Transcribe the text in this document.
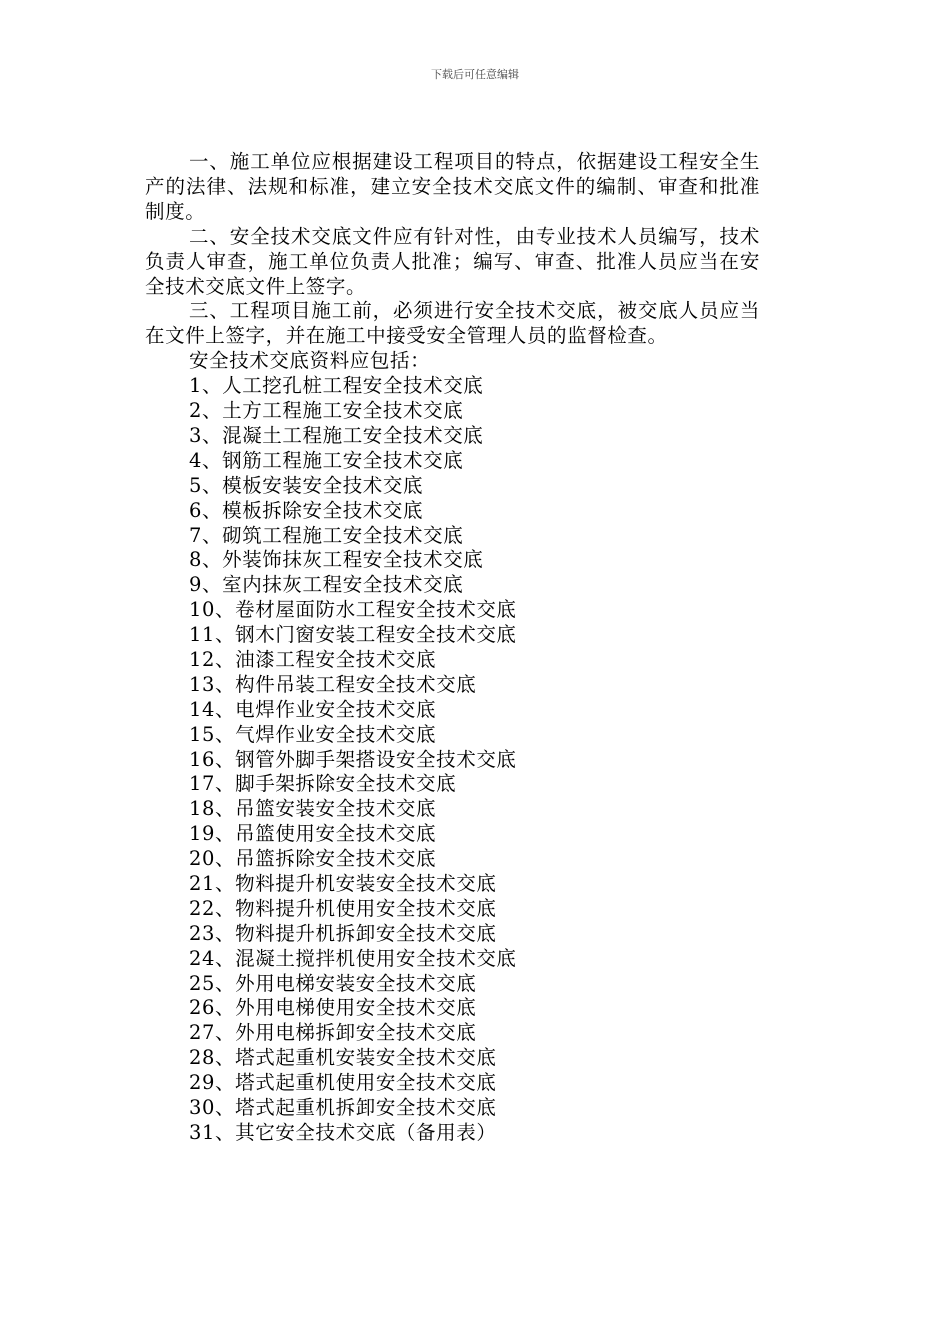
下载后可任意编辑

一、施工单位应根据建设工程项目的特点，依据建设工程安全生产的法律、法规和标准，建立安全技术交底文件的编制、审查和批准制度。

二、安全技术交底文件应有针对性，由专业技术人员编写，技术负责人审查，施工单位负责人批准；编写、审查、批准人员应当在安全技术交底文件上签字。

三、工程项目施工前，必须进行安全技术交底，被交底人员应当在文件上签字，并在施工中接受安全管理人员的监督检查。

安全技术交底资料应包括：

1、人工挖孔桩工程安全技术交底
2、土方工程施工安全技术交底
3、混凝土工程施工安全技术交底
4、钢筋工程施工安全技术交底
5、模板安装安全技术交底
6、模板拆除安全技术交底
7、砌筑工程施工安全技术交底
8、外装饰抹灰工程安全技术交底
9、室内抹灰工程安全技术交底
10、卷材屋面防水工程安全技术交底
11、钢木门窗安装工程安全技术交底
12、油漆工程安全技术交底
13、构件吊装工程安全技术交底
14、电焊作业安全技术交底
15、气焊作业安全技术交底
16、钢管外脚手架搭设安全技术交底
17、脚手架拆除安全技术交底
18、吊篮安装安全技术交底
19、吊篮使用安全技术交底
20、吊篮拆除安全技术交底
21、物料提升机安装安全技术交底
22、物料提升机使用安全技术交底
23、物料提升机拆卸安全技术交底
24、混凝土搅拌机使用安全技术交底
25、外用电梯安装安全技术交底
26、外用电梯使用安全技术交底
27、外用电梯拆卸安全技术交底
28、塔式起重机安装安全技术交底
29、塔式起重机使用安全技术交底
30、塔式起重机拆卸安全技术交底
31、其它安全技术交底（备用表）
